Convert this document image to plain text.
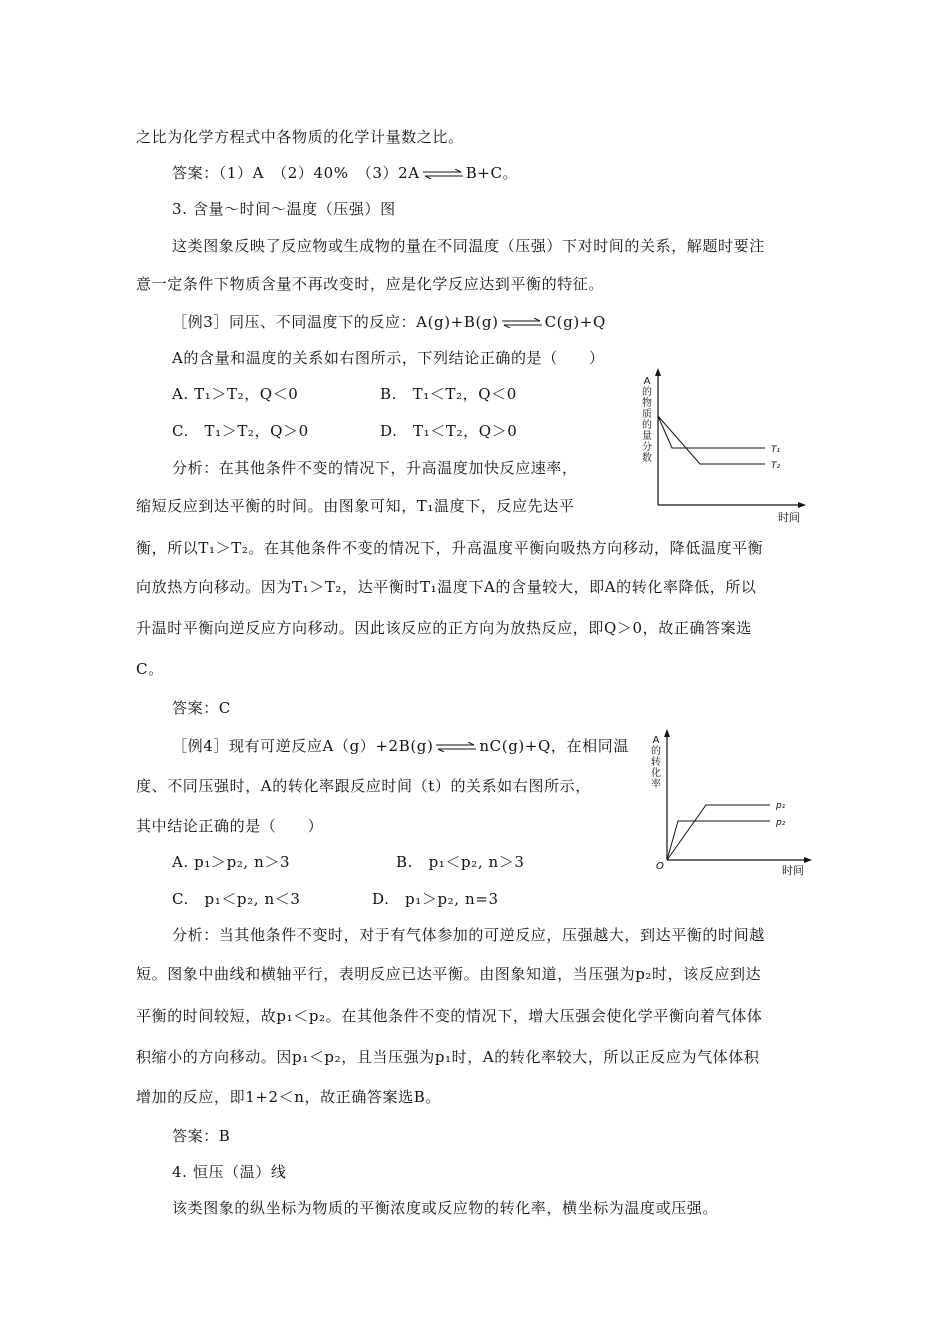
之比为化学方程式中各物质的化学计量数之比。
答案：（1）A　（2）40%　（3）2A ⇌ B+C。
3. 含量～时间～温度（压强）图
这类图象反映了反应物或生成物的量在不同温度（压强）下对时间的关系，解题时要注
意一定条件下物质含量不再改变时，应是化学反应达到平衡的特征。
［例3］同压、不同温度下的反应：A(g)+B(g) ⇌ C(g)+Q
A的含量和温度的关系如右图所示，下列结论正确的是（　　）
A. T₁＞T₂，Q＜0	B.　T₁＜T₂，Q＜0
C.　T₁＞T₂，Q＞0	D.　T₁＜T₂，Q＞0
分析：在其他条件不变的情况下，升高温度加快反应速率，
缩短反应到达平衡的时间。由图象可知，T₁温度下，反应先达平
衡，所以T₁＞T₂。在其他条件不变的情况下，升高温度平衡向吸热方向移动，降低温度平衡
向放热方向移动。因为T₁＞T₂，达平衡时T₁温度下A的含量较大，即A的转化率降低，所以
升温时平衡向逆反应方向移动。因此该反应的正方向为放热反应，即Q＞0，故正确答案选
C。
答案：C
［例4］现有可逆反应A（g）+2B(g) ⇌ nC(g)+Q，在相同温
度、不同压强时，A的转化率跟反应时间（t）的关系如右图所示，
其中结论正确的是（　　）
A. p₁＞p₂, n＞3	B.　p₁＜p₂, n＞3
C.　p₁＜p₂, n＜3	D.　p₁＞p₂, n=3
分析：当其他条件不变时，对于有气体参加的可逆反应，压强越大，到达平衡的时间越
短。图象中曲线和横轴平行，表明反应已达平衡。由图象知道，当压强为p₂时，该反应到达
平衡的时间较短，故p₁＜p₂。在其他条件不变的情况下，增大压强会使化学平衡向着气体体
积缩小的方向移动。因p₁＜p₂，且当压强为p₁时，A的转化率较大，所以正反应为气体体积
增加的反应，即1+2＜n，故正确答案选B。
答案：B
4. 恒压（温）线
该类图象的纵坐标为物质的平衡浓度或反应物的转化率，横坐标为温度或压强。
A 的物质的量分数
T₁
T₂
时间
A 的转化率
p₁
p₂
O	时间
